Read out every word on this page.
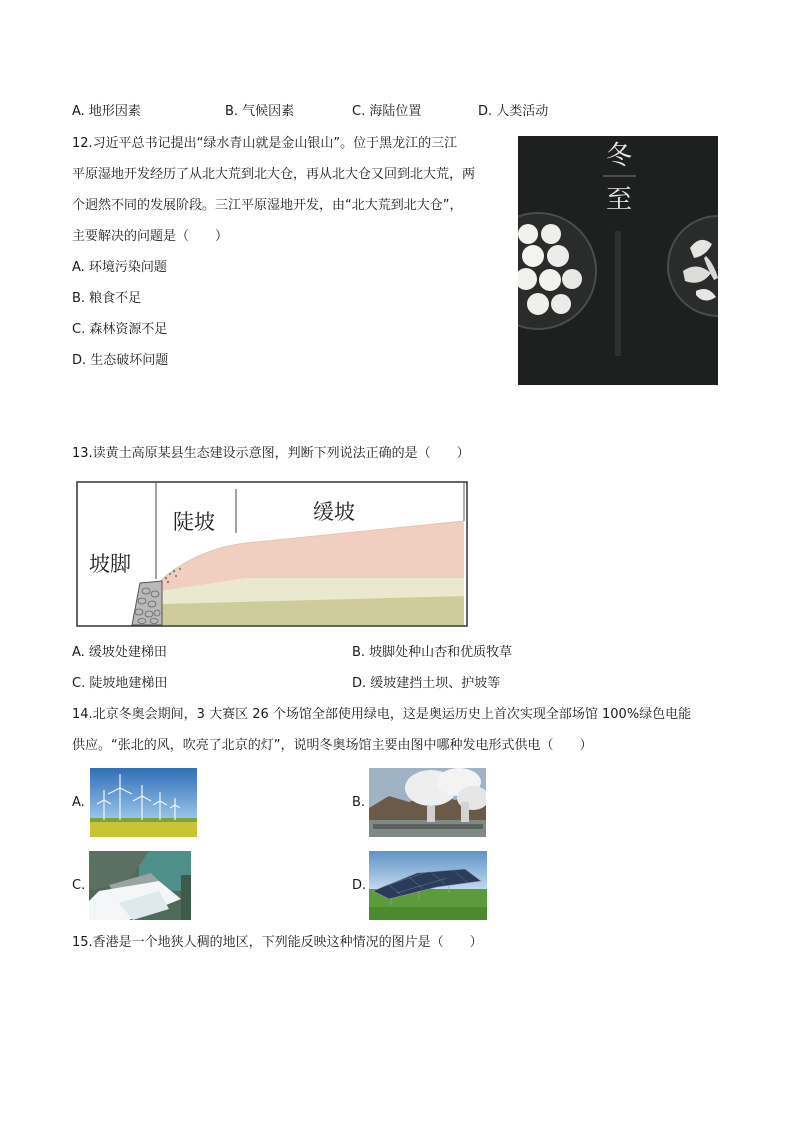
A. 地形因素	B. 气候因素	C. 海陆位置	D. 人类活动
12.习近平总书记提出“绿水青山就是金山银山”。位于黑龙江的三江
平原湿地开发经历了从北大荒到北大仓，再从北大仓又回到北大荒，两
个迥然不同的发展阶段。三江平原湿地开发，由“北大荒到北大仓”，
主要解决的问题是（　　）
A. 环境污染问题
B. 粮食不足
C. 森林资源不足
D. 生态破坏问题
冬
至
13.读黄土高原某县生态建设示意图，判断下列说法正确的是（　　）
坡脚
陡坡	缓坡
A. 缓坡处建梯田	B. 坡脚处种山杏和优质牧草
C. 陡坡地建梯田	D. 缓坡建挡土坝、护坡等
14.北京冬奥会期间，3 大赛区 26 个场馆全部使用绿电，这是奥运历史上首次实现全部场馆 100%绿色电能
供应。“张北的风，吹亮了北京的灯”，说明冬奥场馆主要由图中哪种发电形式供电（　　）
A.	B.
C.	D.
15.香港是一个地狭人稠的地区，下列能反映这种情况的图片是（　　）
